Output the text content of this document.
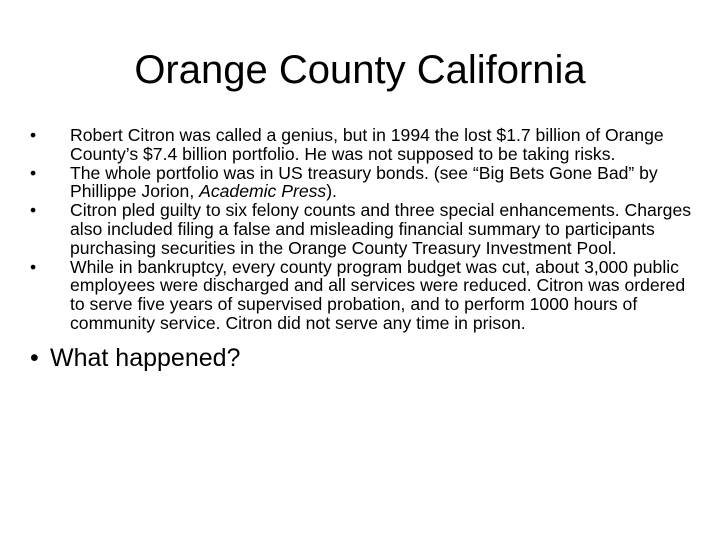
Orange County California
•	Robert Citron was called a genius, but in 1994 the lost $1.7 billion of Orange County’s $7.4 billion portfolio. He was not supposed to be taking risks.
•	The whole portfolio was in US treasury bonds. (see “Big Bets Gone Bad” by Phillippe Jorion, Academic Press).
•	Citron pled guilty to six felony counts and three special enhancements. Charges also included filing a false and misleading financial summary to participants purchasing securities in the Orange County Treasury Investment Pool.
•	While in bankruptcy, every county program budget was cut, about 3,000 public employees were discharged and all services were reduced. Citron was ordered to serve five years of supervised probation, and to perform 1000 hours of community service. Citron did not serve any time in prison.
• What happened?
